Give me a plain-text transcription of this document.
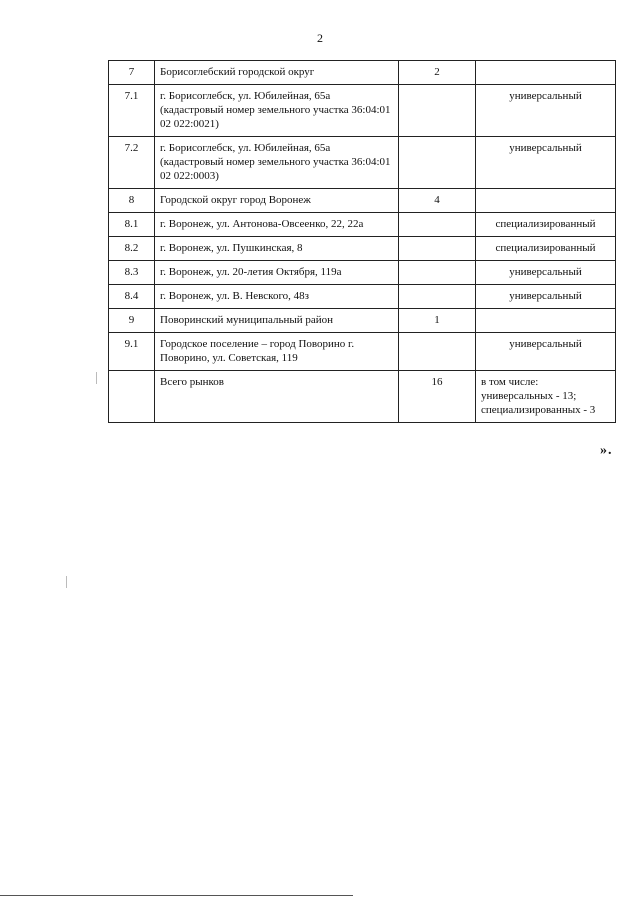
2
7	Борисоглебский городской округ	2	
7.1	г. Борисоглебск, ул. Юбилейная, 65а (кадастровый номер земельного участка 36:04:01 02 022:0021)		универсальный
7.2	г. Борисоглебск, ул. Юбилейная, 65а (кадастровый номер земельного участка 36:04:01 02 022:0003)		универсальный
8	Городской округ город Воронеж	4	
8.1	г. Воронеж, ул. Антонова-Овсеенко, 22, 22а		специализированный
8.2	г. Воронеж, ул. Пушкинская, 8		специализированный
8.3	г. Воронеж, ул. 20-летия Октября, 119а		универсальный
8.4	г. Воронеж, ул. В. Невского, 48з		универсальный
9	Поворинский муниципальный район	1	
9.1	Городское поселение – город Поворино г. Поворино, ул. Советская, 119		универсальный
	Всего рынков	16	в том числе: универсальных - 13; специализированных - 3
».
